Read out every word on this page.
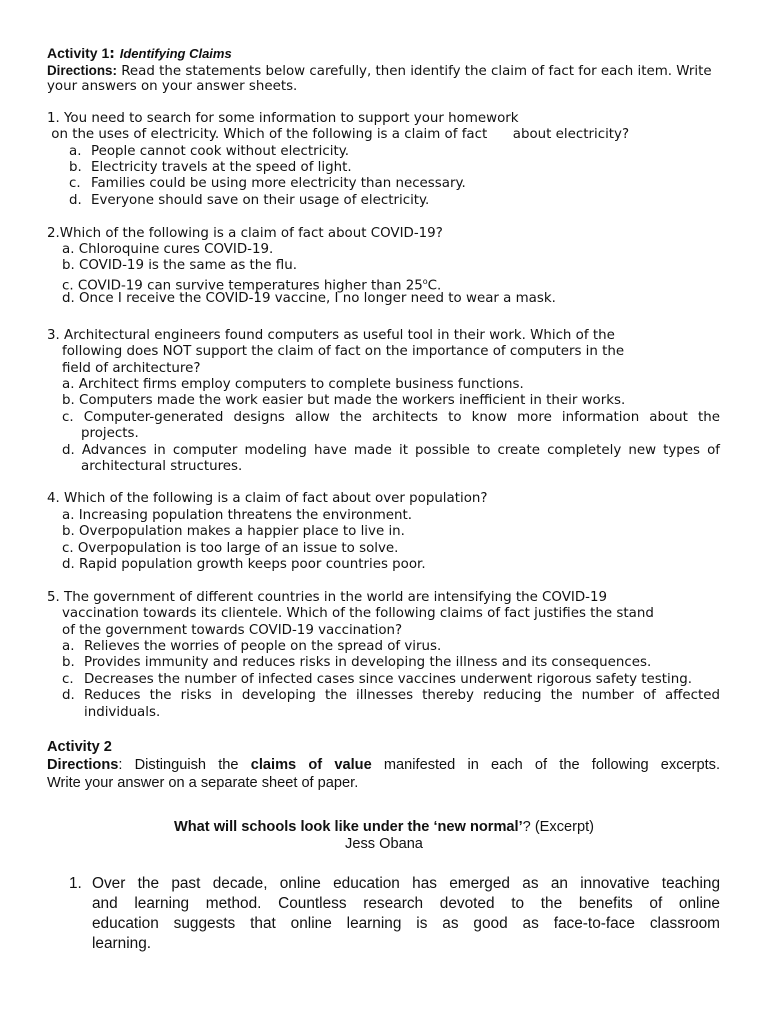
Activity 1: Identifying Claims
Directions: Read the statements below carefully, then identify the claim of fact for each item. Write
your answers on your answer sheets.
1. You need to search for some information to support your homework
on the uses of electricity. Which of the following is a claim of fact      about electricity?
a. People cannot cook without electricity.
b. Electricity travels at the speed of light.
c. Families could be using more electricity than necessary.
d. Everyone should save on their usage of electricity.
2.Which of the following is a claim of fact about COVID-19?
a. Chloroquine cures COVID-19.
b. COVID-19 is the same as the flu.
c. COVID-19 can survive temperatures higher than 25$^o$C.
d. Once I receive the COVID-19 vaccine, I no longer need to wear a mask.
3. Architectural engineers found computers as useful tool in their work. Which of the
following does NOT support the claim of fact on the importance of computers in the
field of architecture?
a. Architect firms employ computers to complete business functions.
b. Computers made the work easier but made the workers inefficient in their works.
c. Computer-generated designs allow the architects to know more information about the
projects.
d. Advances in computer modeling have made it possible to create completely new types of
architectural structures.
4. Which of the following is a claim of fact about over population?
a. Increasing population threatens the environment.
b. Overpopulation makes a happier place to live in.
c. Overpopulation is too large of an issue to solve.
d. Rapid population growth keeps poor countries poor.
5. The government of different countries in the world are intensifying the COVID-19
vaccination towards its clientele. Which of the following claims of fact justifies the stand
of the government towards COVID-19 vaccination?
a. Relieves the worries of people on the spread of virus.
b. Provides immunity and reduces risks in developing the illness and its consequences.
c. Decreases the number of infected cases since vaccines underwent rigorous safety testing.
d. Reduces the risks in developing the illnesses thereby reducing the number of affected
individuals.
Activity 2
Directions: Distinguish the claims of value manifested in each of the following excerpts.
Write your answer on a separate sheet of paper.
What will schools look like under the ‘new normal’? (Excerpt)
Jess Obana
1. Over the past decade, online education has emerged as an innovative teaching
and learning method. Countless research devoted to the benefits of online
education suggests that online learning is as good as face-to-face classroom
learning.
